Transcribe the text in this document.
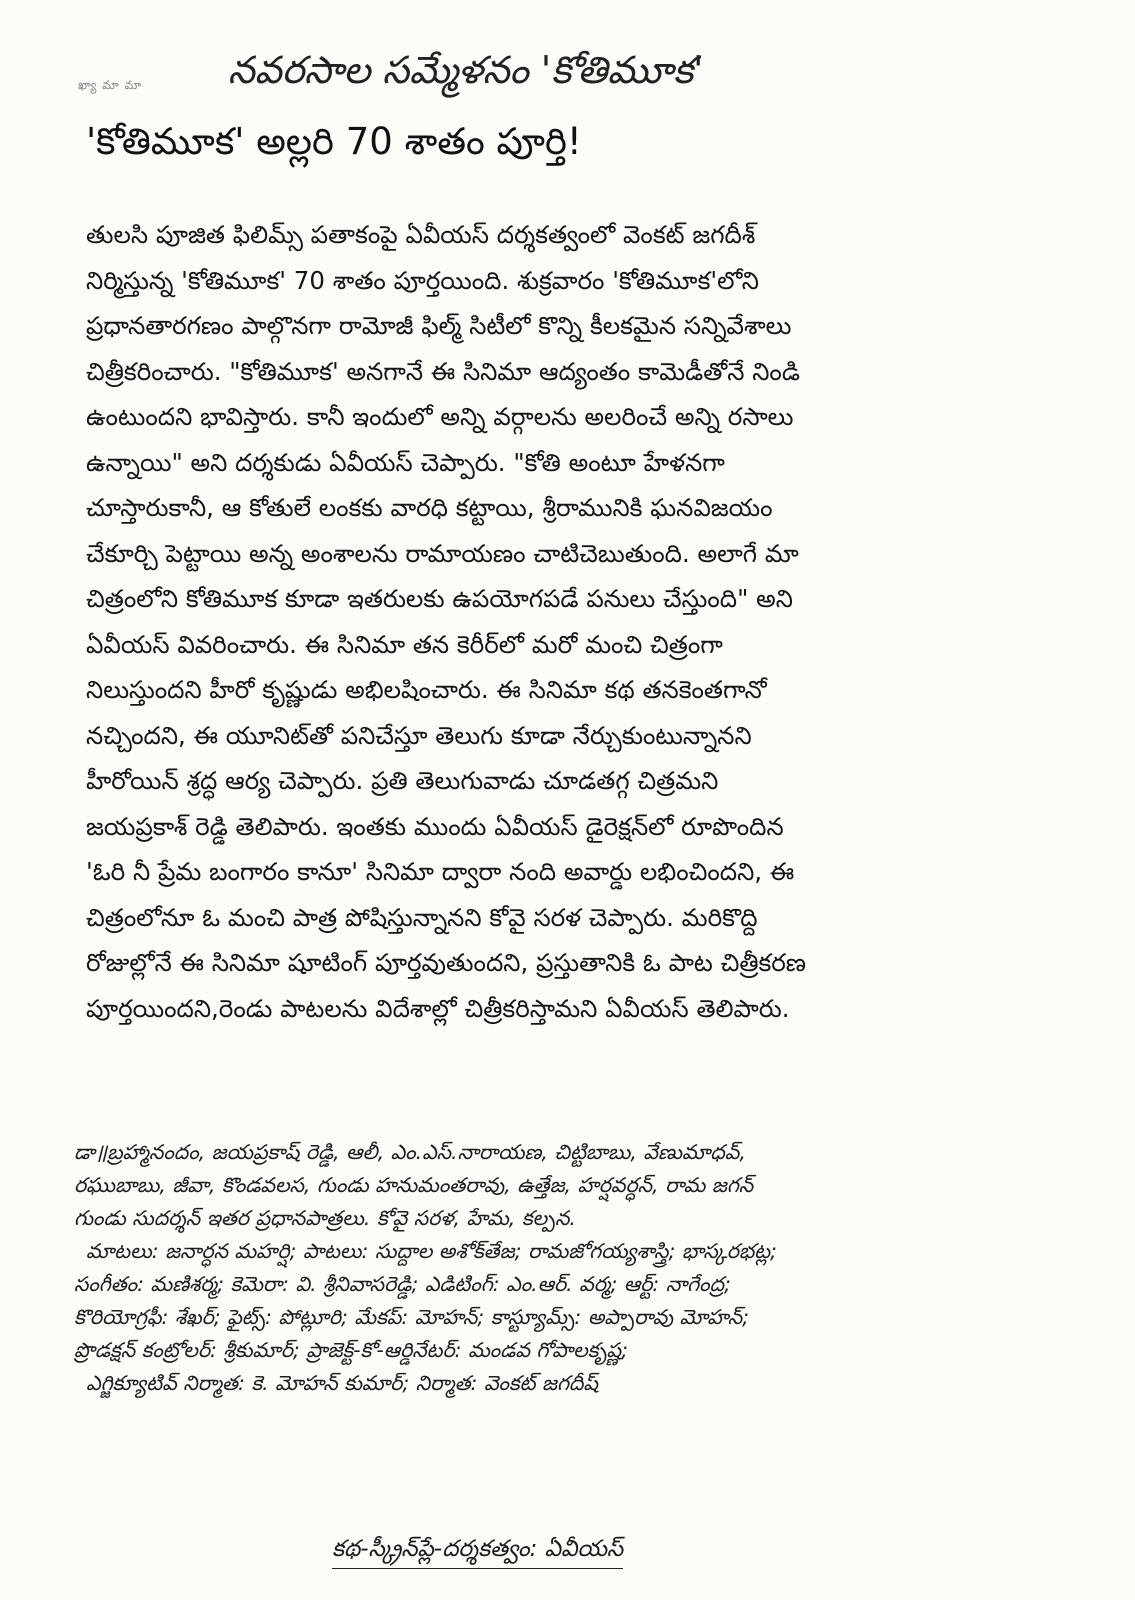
ఖ్యా మా మా నవరసాల సమ్మేళనం 'కోతిమూక'
'కోతిమూక' అల్లరి 70 శాతం పూర్తి!
తులసి పూజిత ఫిలిమ్స్ పతాకంపై ఏవీయస్ దర్శకత్వంలో వెంకట్ జగదీశ్
నిర్మిస్తున్న 'కోతిమూక' 70 శాతం పూర్తయింది. శుక్రవారం 'కోతిమూక'లోని
ప్రధానతారగణం పాల్గొనగా రామోజీ ఫిల్మ్ సిటీలో కొన్ని కీలకమైన సన్నివేశాలు
చిత్రీకరించారు. "కోతిమూక' అనగానే ఈ సినిమా ఆద్యంతం కామెడీతోనే నిండి
ఉంటుందని భావిస్తారు. కానీ ఇందులో అన్ని వర్గాలను అలరించే అన్ని రసాలు
ఉన్నాయి" అని దర్శకుడు ఏవీయస్ చెప్పారు. "కోతి అంటూ హేళనగా
చూస్తారుకానీ, ఆ కోతులే లంకకు వారధి కట్టాయి, శ్రీరామునికి ఘనవిజయం
చేకూర్చి పెట్టాయి అన్న అంశాలను రామాయణం చాటిచెబుతుంది. అలాగే మా
చిత్రంలోని కోతిమూక కూడా ఇతరులకు ఉపయోగపడే పనులు చేస్తుంది" అని
ఏవీయస్ వివరించారు. ఈ సినిమా తన కెరీర్‌లో మరో మంచి చిత్రంగా
నిలుస్తుందని హీరో కృష్ణుడు అభిలషించారు. ఈ సినిమా కథ తనకెంతగానో
నచ్చిందని, ఈ యూనిట్‌తో పనిచేస్తూ తెలుగు కూడా నేర్చుకుంటున్నానని
హీరోయిన్ శ్రద్ధ ఆర్య చెప్పారు. ప్రతి తెలుగువాడు చూడతగ్గ చిత్రమని
జయప్రకాశ్ రెడ్డి తెలిపారు. ఇంతకు ముందు ఏవీయస్ డైరెక్షన్‌లో రూపొందిన
'ఓరి నీ ప్రేమ బంగారం కానూ' సినిమా ద్వారా నంది అవార్డు లభించిందని, ఈ
చిత్రంలోనూ ఓ మంచి పాత్ర పోషిస్తున్నానని కోవై సరళ చెప్పారు. మరికొద్ది
రోజుల్లోనే ఈ సినిమా షూటింగ్ పూర్తవుతుందని, ప్రస్తుతానికి ఓ పాట చిత్రీకరణ
పూర్తయిందని,రెండు పాటలను విదేశాల్లో చిత్రీకరిస్తామని ఏవీయస్ తెలిపారు.
డా॥బ్రహ్మానందం, జయప్రకాష్ రెడ్డి, ఆలీ, ఎం.ఎస్.నారాయణ, చిట్టిబాబు, వేణుమాధవ్,
రఘుబాబు, జీవా, కొండవలస, గుండు హనుమంతరావు, ఉత్తేజ, హర్షవర్ధన్, రామ జగన్
గుండు సుదర్శన్ ఇతర ప్రధానపాత్రలు. కోవై సరళ, హేమ, కల్పన.
మాటలు: జనార్ధన మహర్షి; పాటలు: సుద్దాల అశోక్‌తేజ; రామజోగయ్యశాస్త్రి; భాస్కరభట్ల;
సంగీతం: మణిశర్మ; కెమెరా: వి. శ్రీనివాసరెడ్డి; ఎడిటింగ్: ఎం.ఆర్. వర్మ; ఆర్ట్: నాగేంద్ర;
కొరియోగ్రఫీ: శేఖర్; ఫైట్స్: పోట్లూరి; మేకప్: మోహన్; కాస్ట్యూమ్స్: అప్పారావు మోహన్;
ప్రొడక్షన్ కంట్రోలర్: శ్రీకుమార్; ప్రాజెక్ట్-కో-ఆర్డినేటర్: మండవ గోపాలకృష్ణ;
ఎగ్జిక్యూటివ్ నిర్మాత: కె. మోహన్ కుమార్; నిర్మాత: వెంకట్ జగదీష్
కథ-స్క్రీన్‌ప్లే-దర్శకత్వం: ఏవీయస్
